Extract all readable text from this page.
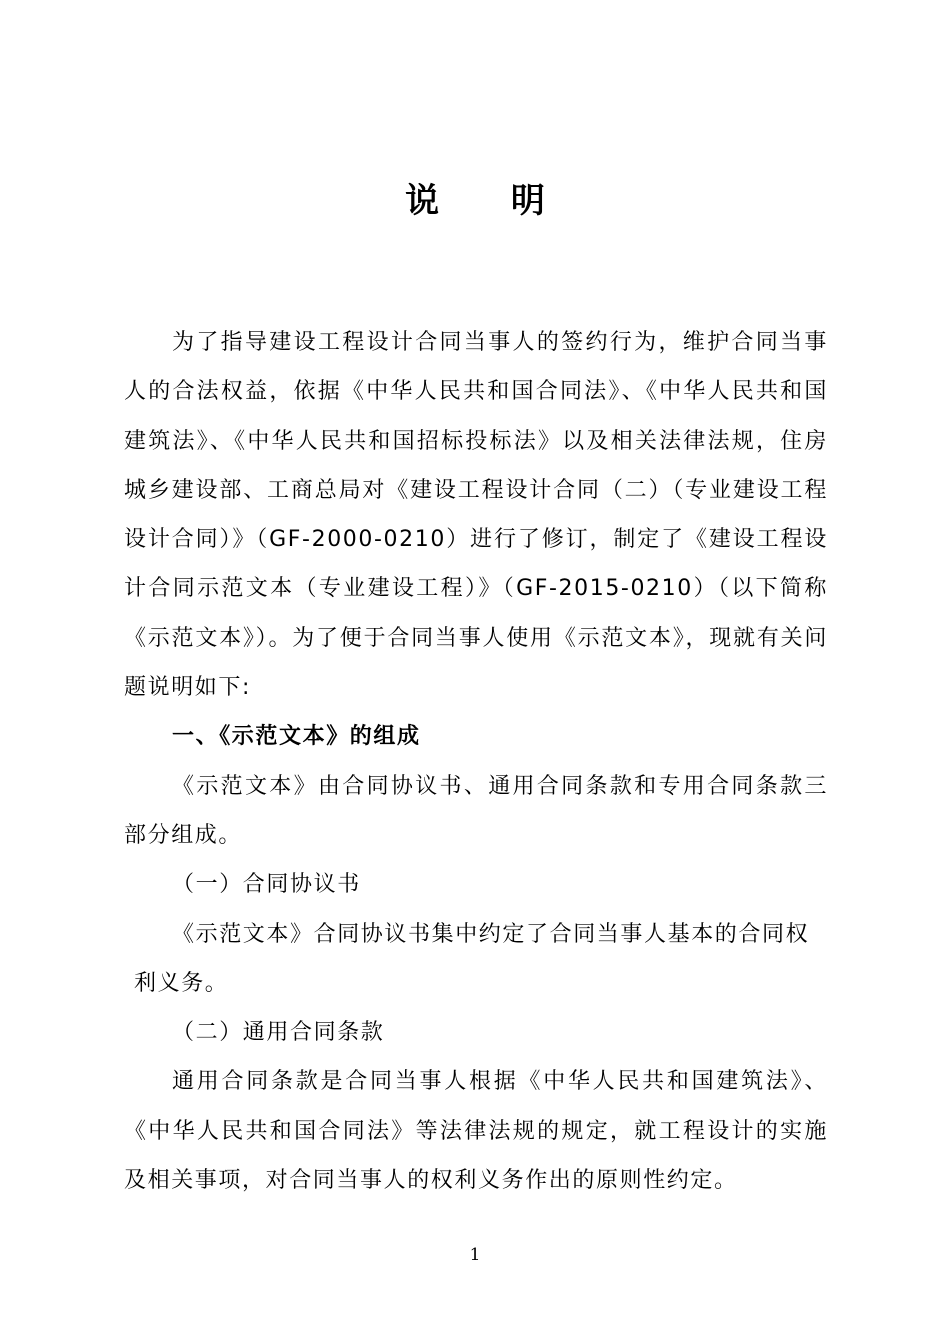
说 明

为了指导建设工程设计合同当事人的签约行为，维护合同当事人的合法权益，依据《中华人民共和国合同法》、《中华人民共和国建筑法》、《中华人民共和国招标投标法》以及相关法律法规，住房城乡建设部、工商总局对《建设工程设计合同（二）（专业建设工程设计合同）》（GF-2000-0210）进行了修订，制定了《建设工程设计合同示范文本（专业建设工程）》（GF-2015-0210）（以下简称《示范文本》）。为了便于合同当事人使用《示范文本》，现就有关问题说明如下:

一、《示范文本》的组成

《示范文本》由合同协议书、通用合同条款和专用合同条款三部分组成。

（一）合同协议书

《示范文本》合同协议书集中约定了合同当事人基本的合同权

利义务。

（二）通用合同条款

通用合同条款是合同当事人根据《中华人民共和国建筑法》、《中华人民共和国合同法》等法律法规的规定，就工程设计的实施及相关事项，对合同当事人的权利义务作出的原则性约定。

1
